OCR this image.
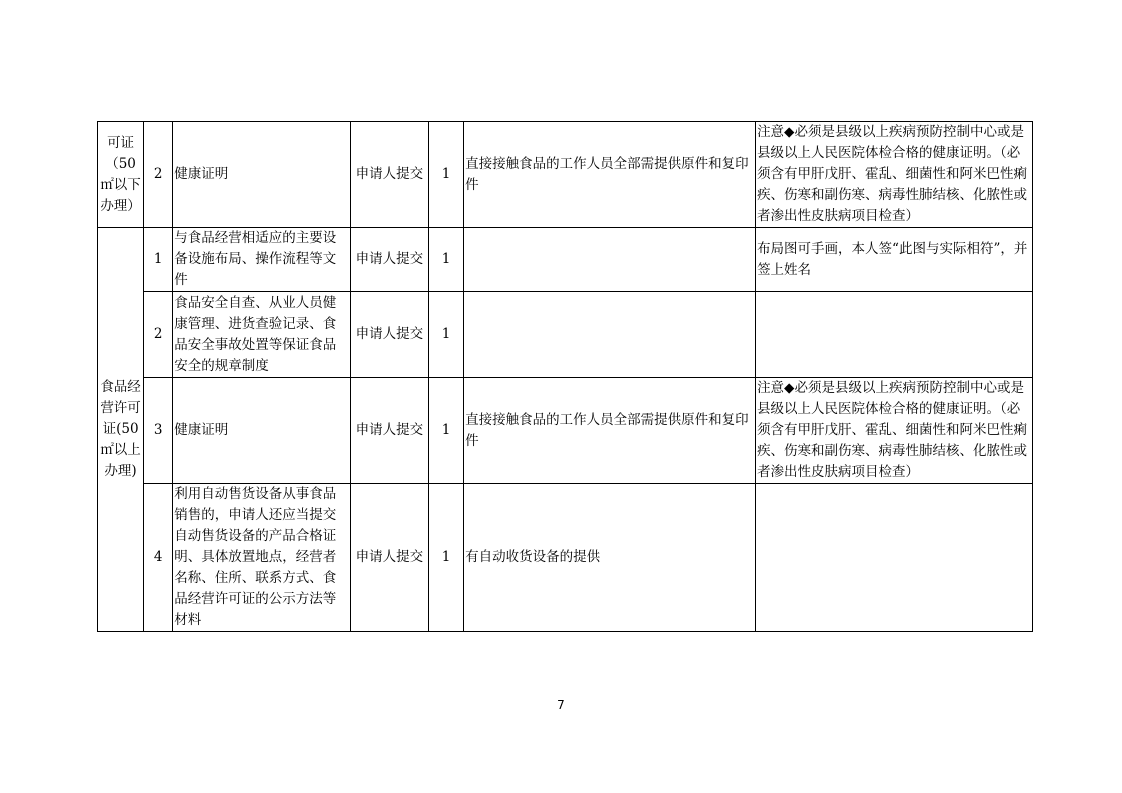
可证（50㎡以下办理）	2	健康证明	申请人提交	1	直接接触食品的工作人员全部需提供原件和复印件	注意◆必须是县级以上疾病预防控制中心或是县级以上人民医院体检合格的健康证明。（必须含有甲肝戊肝、霍乱、细菌性和阿米巴性痢疾、伤寒和副伤寒、病毒性肺结核、化脓性或者渗出性皮肤病项目检查）
食品经营许可证(50㎡以上办理)	1	与食品经营相适应的主要设备设施布局、操作流程等文件	申请人提交	1		布局图可手画，本人签“此图与实际相符”，并签上姓名
	2	食品安全自查、从业人员健康管理、进货查验记录、食品安全事故处置等保证食品安全的规章制度	申请人提交	1		
	3	健康证明	申请人提交	1	直接接触食品的工作人员全部需提供原件和复印件	注意◆必须是县级以上疾病预防控制中心或是县级以上人民医院体检合格的健康证明。（必须含有甲肝戊肝、霍乱、细菌性和阿米巴性痢疾、伤寒和副伤寒、病毒性肺结核、化脓性或者渗出性皮肤病项目检查）
	4	利用自动售货设备从事食品销售的，申请人还应当提交自动售货设备的产品合格证明、具体放置地点，经营者名称、住所、联系方式、食品经营许可证的公示方法等材料	申请人提交	1	有自动收货设备的提供	
7
